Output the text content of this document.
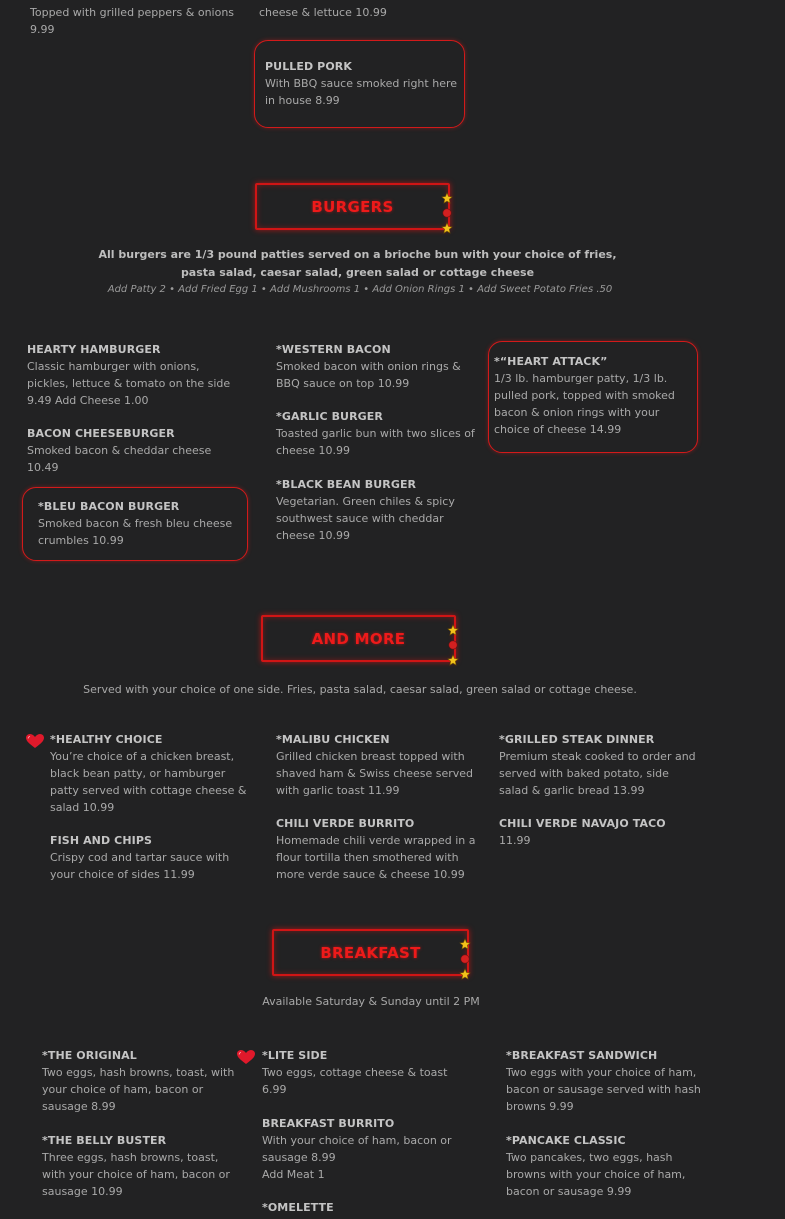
Topped with grilled peppers & onions
9.99
cheese & lettuce 10.99
PULLED PORK
With BBQ sauce smoked right here in house 8.99
BURGERS
All burgers are 1/3 pound patties served on a brioche bun with your choice of fries, pasta salad, caesar salad, green salad or cottage cheese
Add Patty 2 • Add Fried Egg 1 • Add Mushrooms 1 • Add Onion Rings 1 • Add Sweet Potato Fries .50
HEARTY HAMBURGER
Classic hamburger with onions, pickles, lettuce & tomato on the side 9.49 Add Cheese 1.00
BACON CHEESEBURGER
Smoked bacon & cheddar cheese 10.49
*BLEU BACON BURGER
Smoked bacon & fresh bleu cheese crumbles 10.99
*WESTERN BACON
Smoked bacon with onion rings & BBQ sauce on top 10.99
*GARLIC BURGER
Toasted garlic bun with two slices of cheese 10.99
*BLACK BEAN BURGER
Vegetarian. Green chiles & spicy southwest sauce with cheddar cheese 10.99
*“HEART ATTACK”
1/3 lb. hamburger patty, 1/3 lb. pulled pork, topped with smoked bacon & onion rings with your choice of cheese 14.99
AND MORE
Served with your choice of one side. Fries, pasta salad, caesar salad, green salad or cottage cheese.
*HEALTHY CHOICE
You’re choice of a chicken breast, black bean patty, or hamburger patty served with cottage cheese & salad 10.99
FISH AND CHIPS
Crispy cod and tartar sauce with your choice of sides 11.99
*MALIBU CHICKEN
Grilled chicken breast topped with shaved ham & Swiss cheese served with garlic toast 11.99
CHILI VERDE BURRITO
Homemade chili verde wrapped in a flour tortilla then smothered with more verde sauce & cheese 10.99
*GRILLED STEAK DINNER
Premium steak cooked to order and served with baked potato, side salad & garlic bread 13.99
CHILI VERDE NAVAJO TACO
11.99
BREAKFAST
Available Saturday & Sunday until 2 PM
*THE ORIGINAL
Two eggs, hash browns, toast, with your choice of ham, bacon or sausage 8.99
*THE BELLY BUSTER
Three eggs, hash browns, toast, with your choice of ham, bacon or sausage 10.99
*LITE SIDE
Two eggs, cottage cheese & toast 6.99
BREAKFAST BURRITO
With your choice of ham, bacon or sausage 8.99
Add Meat 1
*OMELETTE
*BREAKFAST SANDWICH
Two eggs with your choice of ham, bacon or sausage served with hash browns 9.99
*PANCAKE CLASSIC
Two pancakes, two eggs, hash browns with your choice of ham, bacon or sausage 9.99
